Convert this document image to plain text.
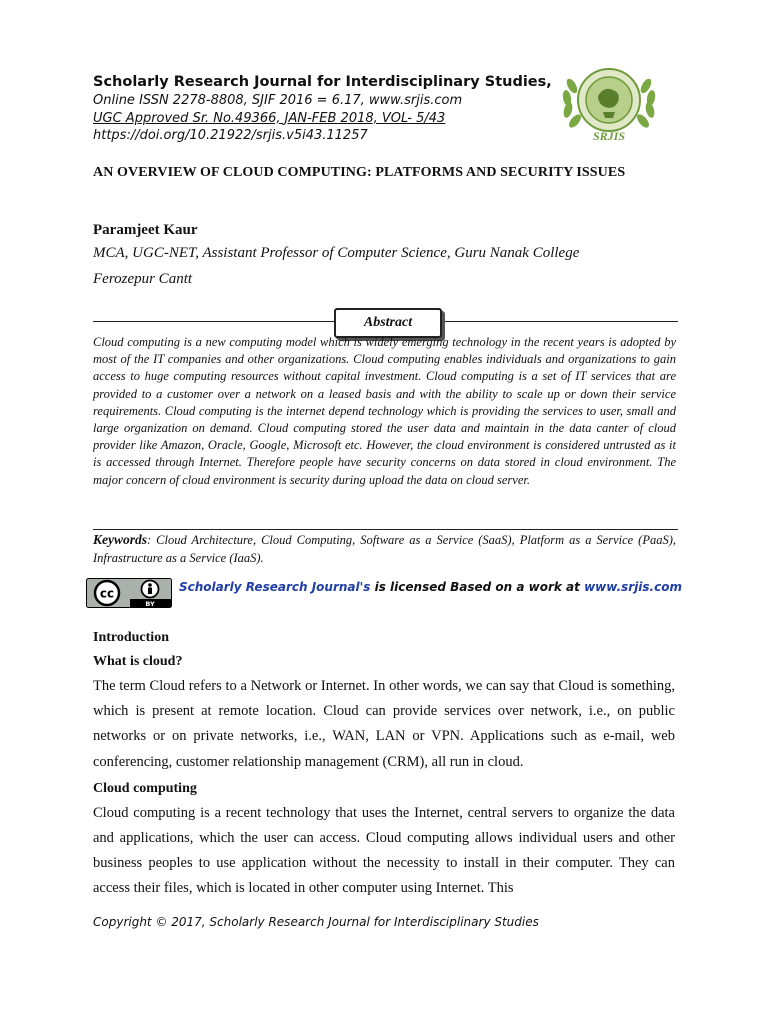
Scholarly Research Journal for Interdisciplinary Studies,
Online ISSN 2278-8808, SJIF 2016 = 6.17, www.srjis.com
UGC Approved Sr. No.49366, JAN-FEB 2018, VOL- 5/43
https://doi.org/10.21922/srjis.v5i43.11257	SRJIS
AN OVERVIEW OF CLOUD COMPUTING: PLATFORMS AND SECURITY ISSUES
Paramjeet Kaur
MCA, UGC-NET, Assistant Professor of Computer Science, Guru Nanak College
Ferozepur Cantt
Abstract
Cloud computing is a new computing model which is widely emerging technology in the recent years is adopted by most of the IT companies and other organizations. Cloud computing enables individuals and organizations to gain access to huge computing resources without capital investment. Cloud computing is a set of IT services that are provided to a customer over a network on a leased basis and with the ability to scale up or down their service requirements. Cloud computing is the internet depend technology which is providing the services to user, small and large organization on demand. Cloud computing stored the user data and maintain in the data canter of cloud provider like Amazon, Oracle, Google, Microsoft etc. However, the cloud environment is considered untrusted as it is accessed through Internet. Therefore people have security concerns on data stored in cloud environment. The major concern of cloud environment is security during upload the data on cloud server.
Keywords: Cloud Architecture, Cloud Computing, Software as a Service (SaaS), Platform as a Service (PaaS), Infrastructure as a Service (IaaS).
cc
BY
Scholarly Research Journal's is licensed Based on a work at www.srjis.com
Introduction
What is cloud?

The term Cloud refers to a Network or Internet. In other words, we can say that Cloud is something, which is present at remote location. Cloud can provide services over network, i.e., on public networks or on private networks, i.e., WAN, LAN or VPN. Applications such as e-mail, web conferencing, customer relationship management (CRM), all run in cloud.

Cloud computing

Cloud computing is a recent technology that uses the Internet, central servers to organize the data and applications, which the user can access. Cloud computing allows individual users and other business peoples to use application without the necessity to install in their computer. They can access their files, which is located in other computer using Internet. This

Copyright © 2017, Scholarly Research Journal for Interdisciplinary Studies
